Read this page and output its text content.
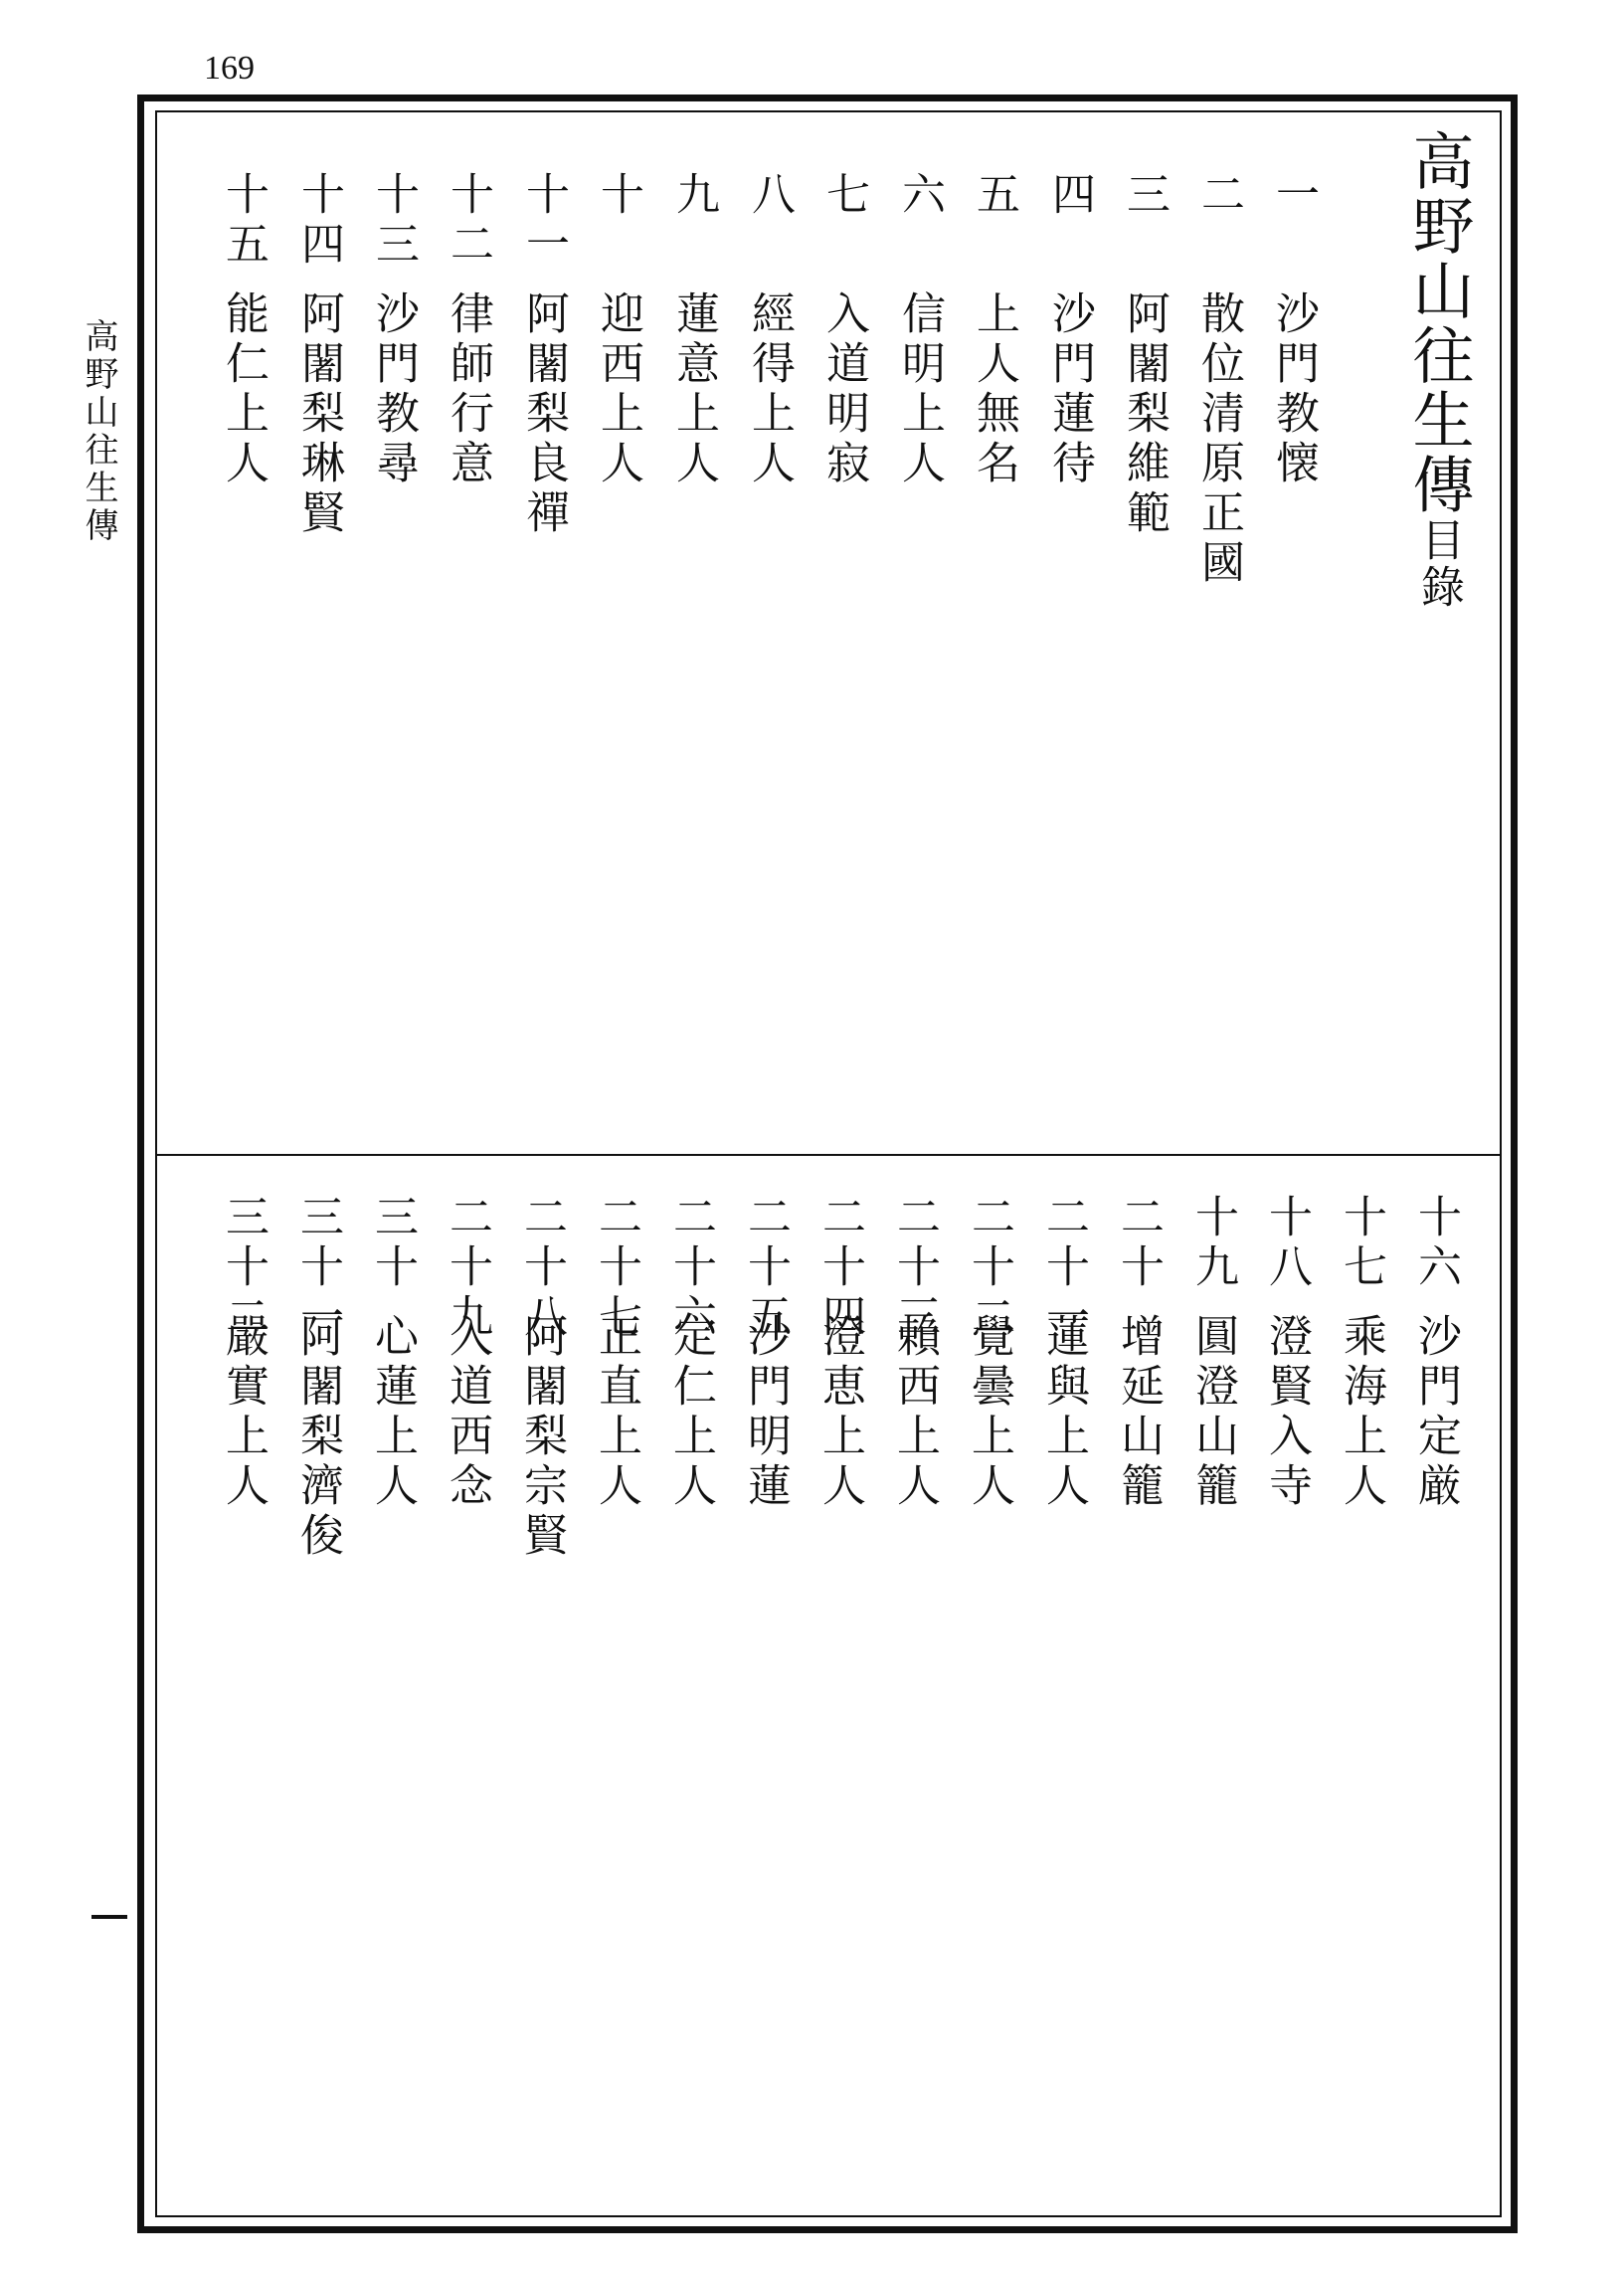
169
高野山往生傳	高野山往生傳目錄
一沙門教懐
二散位清原正國
三阿闍梨維範
四沙門蓮待
五上人無名
六信明上人
七入道明寂
八經得上人
九蓮意上人
十迎西上人
十一阿闍梨良禪
十二律師行意
十三沙門教尋
十四阿闍梨琳賢
十五能仁上人
十六沙門定厳
十七乘海上人
十八澄賢入寺
十九圓澄山籠
二十增延山籠
二十一蓮與上人
二十二覺曇上人
二十三賴西上人
二十四澄恵上人
二十五沙門明蓮
二十六定仁上人
二十七正直上人
二十八阿闍梨宗賢
二十九入道西念
三十心蓮上人
三十一阿闍梨濟俊
三十二嚴實上人
